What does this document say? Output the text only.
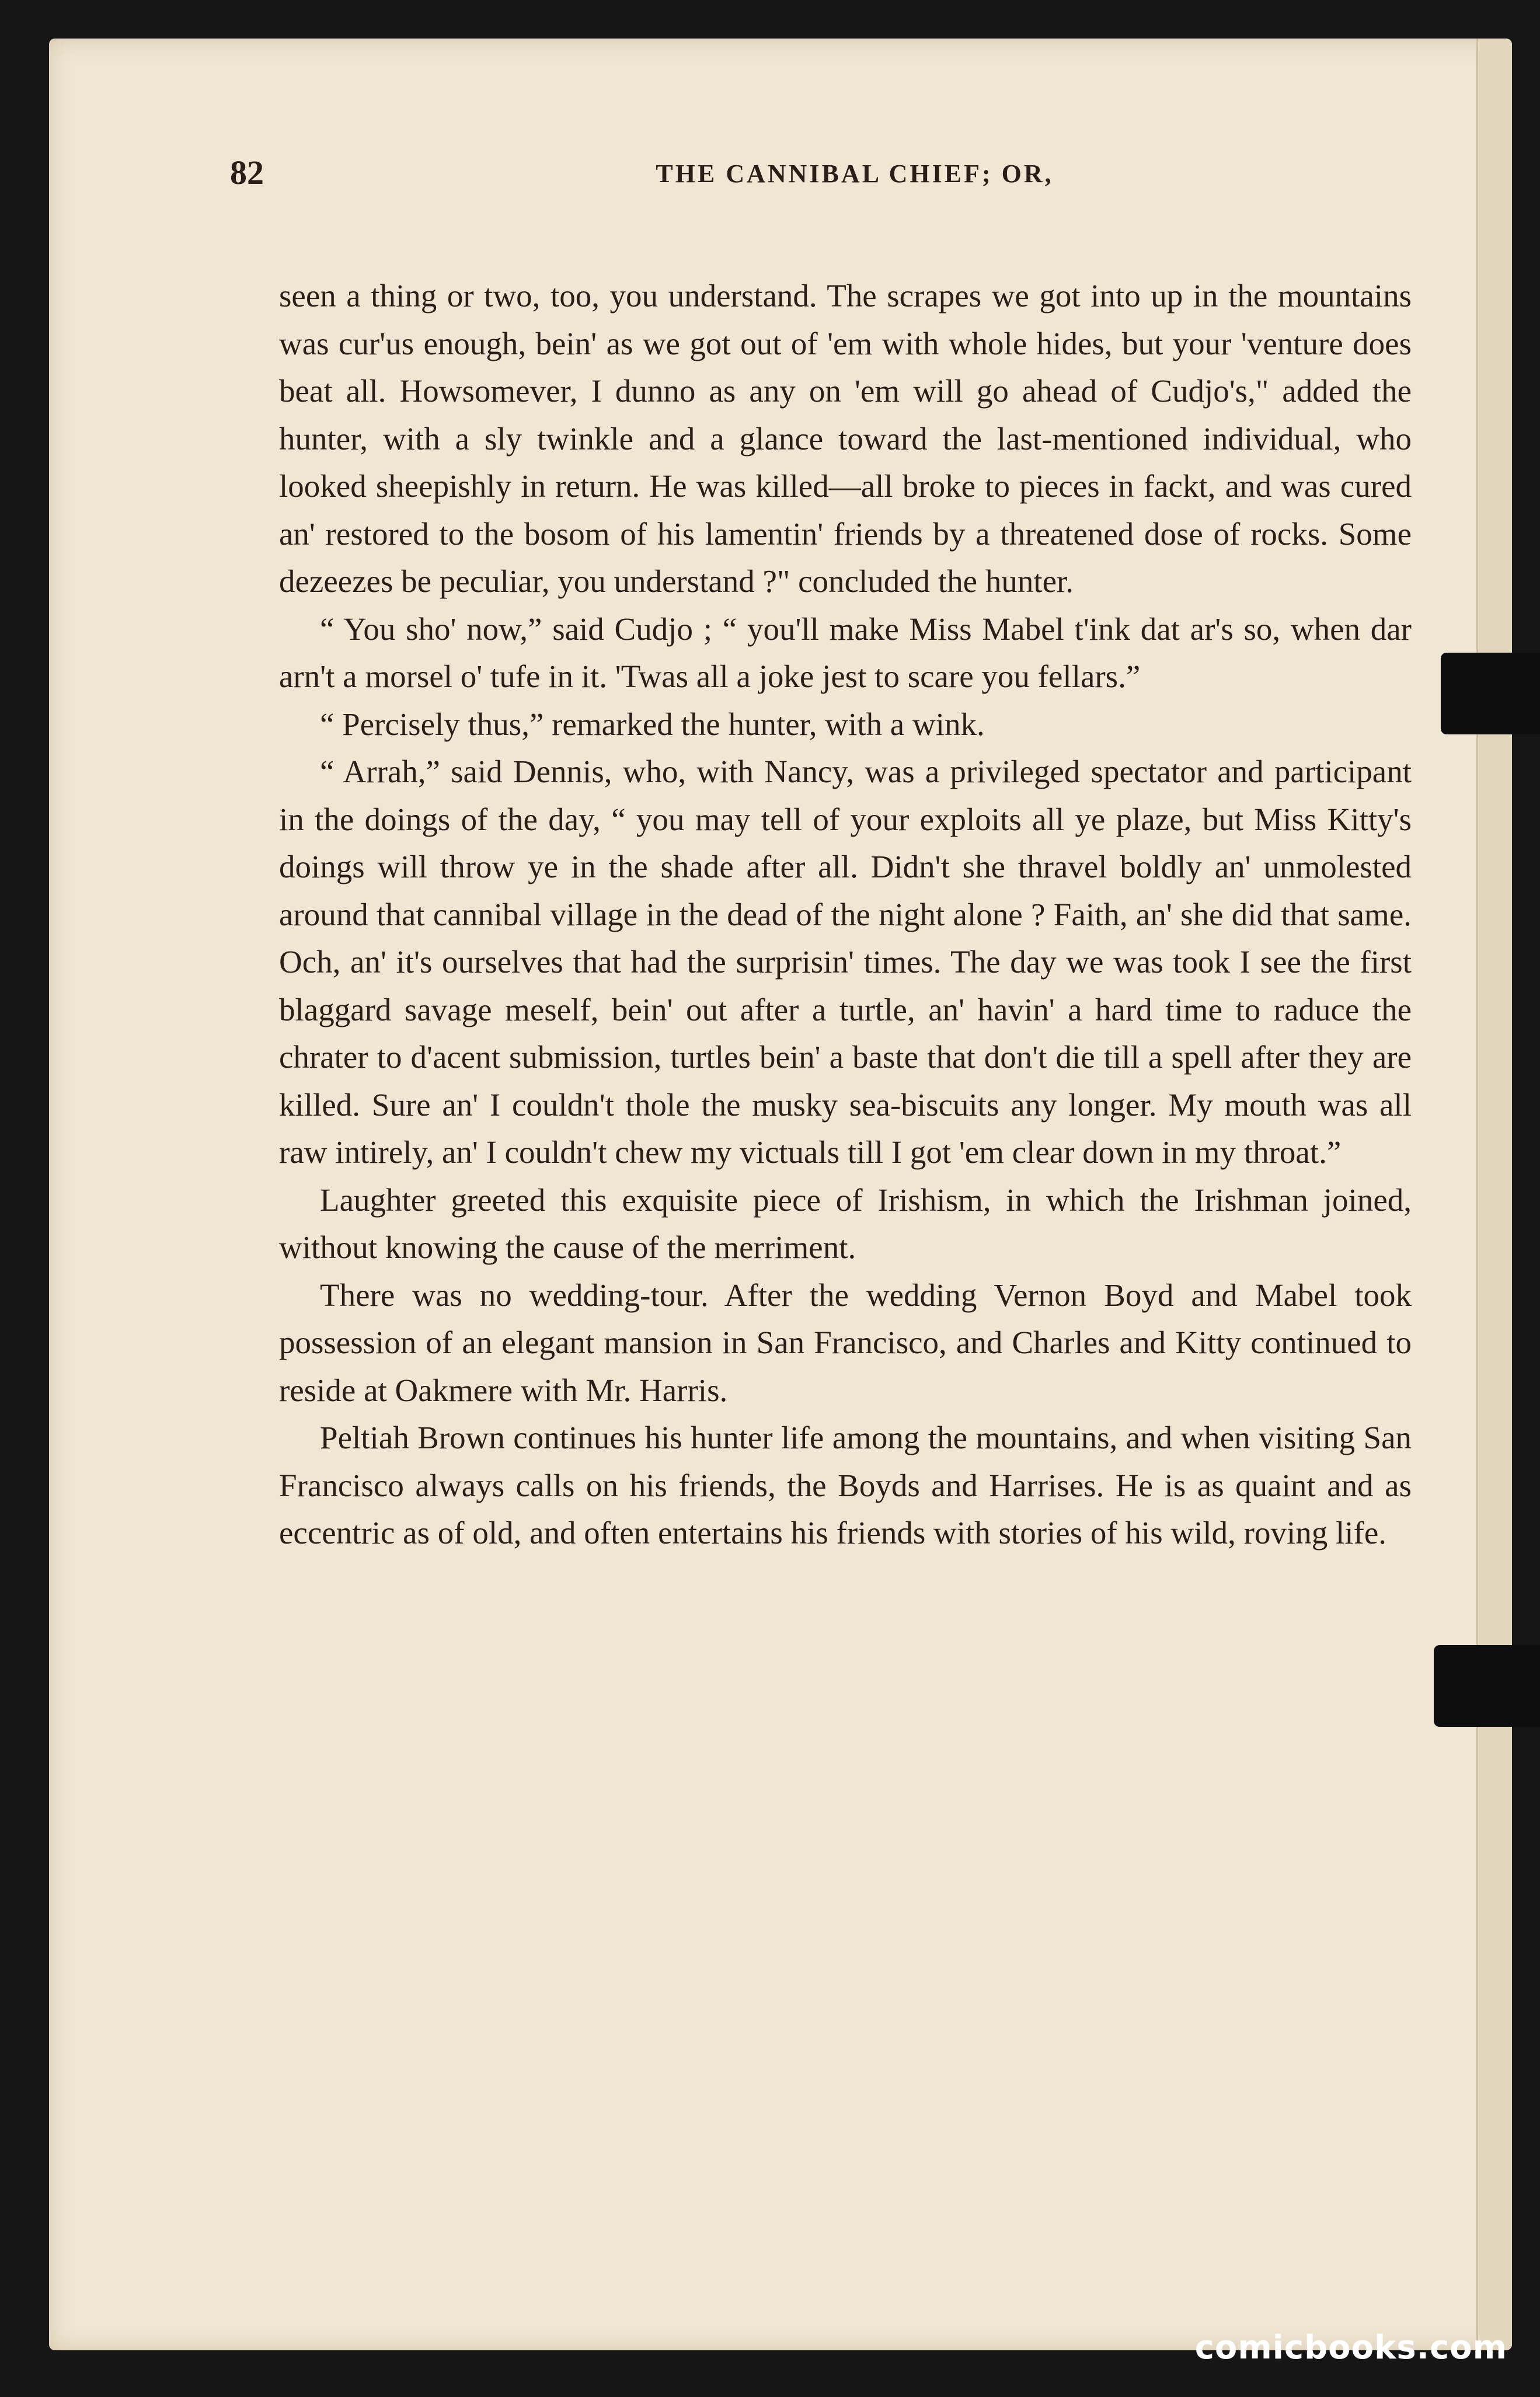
82	THE CANNIBAL CHIEF; OR,

seen a thing or two, too, you understand. The scrapes we got into up in the mountains was cur'us enough, bein' as we got out of 'em with whole hides, but your 'venture does beat all. Howsomever, I dunno as any on 'em will go ahead of Cudjo's," added the hunter, with a sly twinkle and a glance toward the last-mentioned individual, who looked sheepishly in return. He was killed—all broke to pieces in fackt, and was cured an' restored to the bosom of his lamentin' friends by a threatened dose of rocks. Some dezeezes be peculiar, you understand ?" concluded the hunter.

“ You sho' now,” said Cudjo ; “ you'll make Miss Mabel t'ink dat ar's so, when dar arn't a morsel o' tufe in it. 'Twas all a joke jest to scare you fellars.”

“ Percisely thus,” remarked the hunter, with a wink.

“ Arrah,” said Dennis, who, with Nancy, was a privileged spectator and participant in the doings of the day, “ you may tell of your exploits all ye plaze, but Miss Kitty's doings will throw ye in the shade after all. Didn't she thravel boldly an' unmolested around that cannibal village in the dead of the night alone ? Faith, an' she did that same. Och, an' it's ourselves that had the surprisin' times. The day we was took I see the first blaggard savage meself, bein' out after a turtle, an' havin' a hard time to raduce the chrater to d'acent submission, turtles bein' a baste that don't die till a spell after they are killed. Sure an' I couldn't thole the musky sea-biscuits any longer. My mouth was all raw intirely, an' I couldn't chew my victuals till I got 'em clear down in my throat.”

Laughter greeted this exquisite piece of Irishism, in which the Irishman joined, without knowing the cause of the merriment.

There was no wedding-tour. After the wedding Vernon Boyd and Mabel took possession of an elegant mansion in San Francisco, and Charles and Kitty continued to reside at Oakmere with Mr. Harris.

Peltiah Brown continues his hunter life among the mountains, and when visiting San Francisco always calls on his friends, the Boyds and Harrises. He is as quaint and as eccentric as of old, and often entertains his friends with stories of his wild, roving life.

comicbooks.com
